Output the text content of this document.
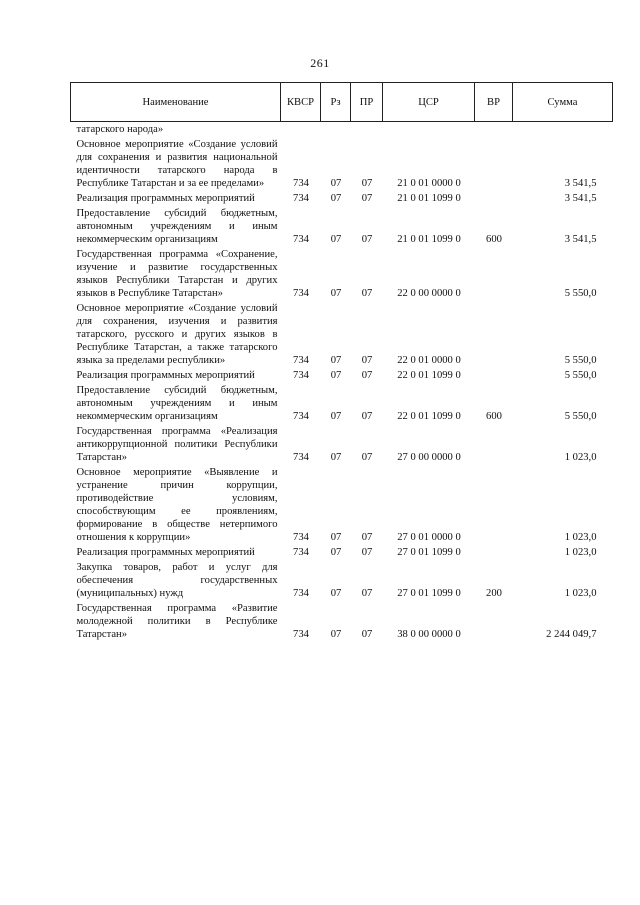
261
Наименование	КВСР	Рз	ПР	ЦСР	ВР	Сумма
татарского народа»						
Основное мероприятие «Создание условий для сохранения и развития национальной идентичности татарского народа в Республике Татарстан и за ее пределами»	734	07	07	21 0 01 0000 0		3 541,5
Реализация программных мероприятий	734	07	07	21 0 01 1099 0		3 541,5
Предоставление субсидий бюджетным, автономным учреждениям и иным некоммерческим организациям	734	07	07	21 0 01 1099 0	600	3 541,5
Государственная программа «Сохранение, изучение и развитие государственных языков Республики Татарстан и других языков в Республике Татарстан»	734	07	07	22 0 00 0000 0		5 550,0
Основное мероприятие «Создание условий для сохранения, изучения и развития татарского, русского и других языков в Республике Татарстан, а также татарского языка за пределами республики»	734	07	07	22 0 01 0000 0		5 550,0
Реализация программных мероприятий	734	07	07	22 0 01 1099 0		5 550,0
Предоставление субсидий бюджетным, автономным учреждениям и иным некоммерческим организациям	734	07	07	22 0 01 1099 0	600	5 550,0
Государственная программа «Реализация антикоррупционной политики Республики Татарстан»	734	07	07	27 0 00 0000 0		1 023,0
Основное мероприятие «Выявление и устранение причин коррупции, противодействие условиям, способствующим ее проявлениям, формирование в обществе нетерпимого отношения к коррупции»	734	07	07	27 0 01 0000 0		1 023,0
Реализация программных мероприятий	734	07	07	27 0 01 1099 0		1 023,0
Закупка товаров, работ и услуг для обеспечения государственных (муниципальных) нужд	734	07	07	27 0 01 1099 0	200	1 023,0
Государственная программа «Развитие молодежной политики в Республике Татарстан»	734	07	07	38 0 00 0000 0		2 244 049,7
